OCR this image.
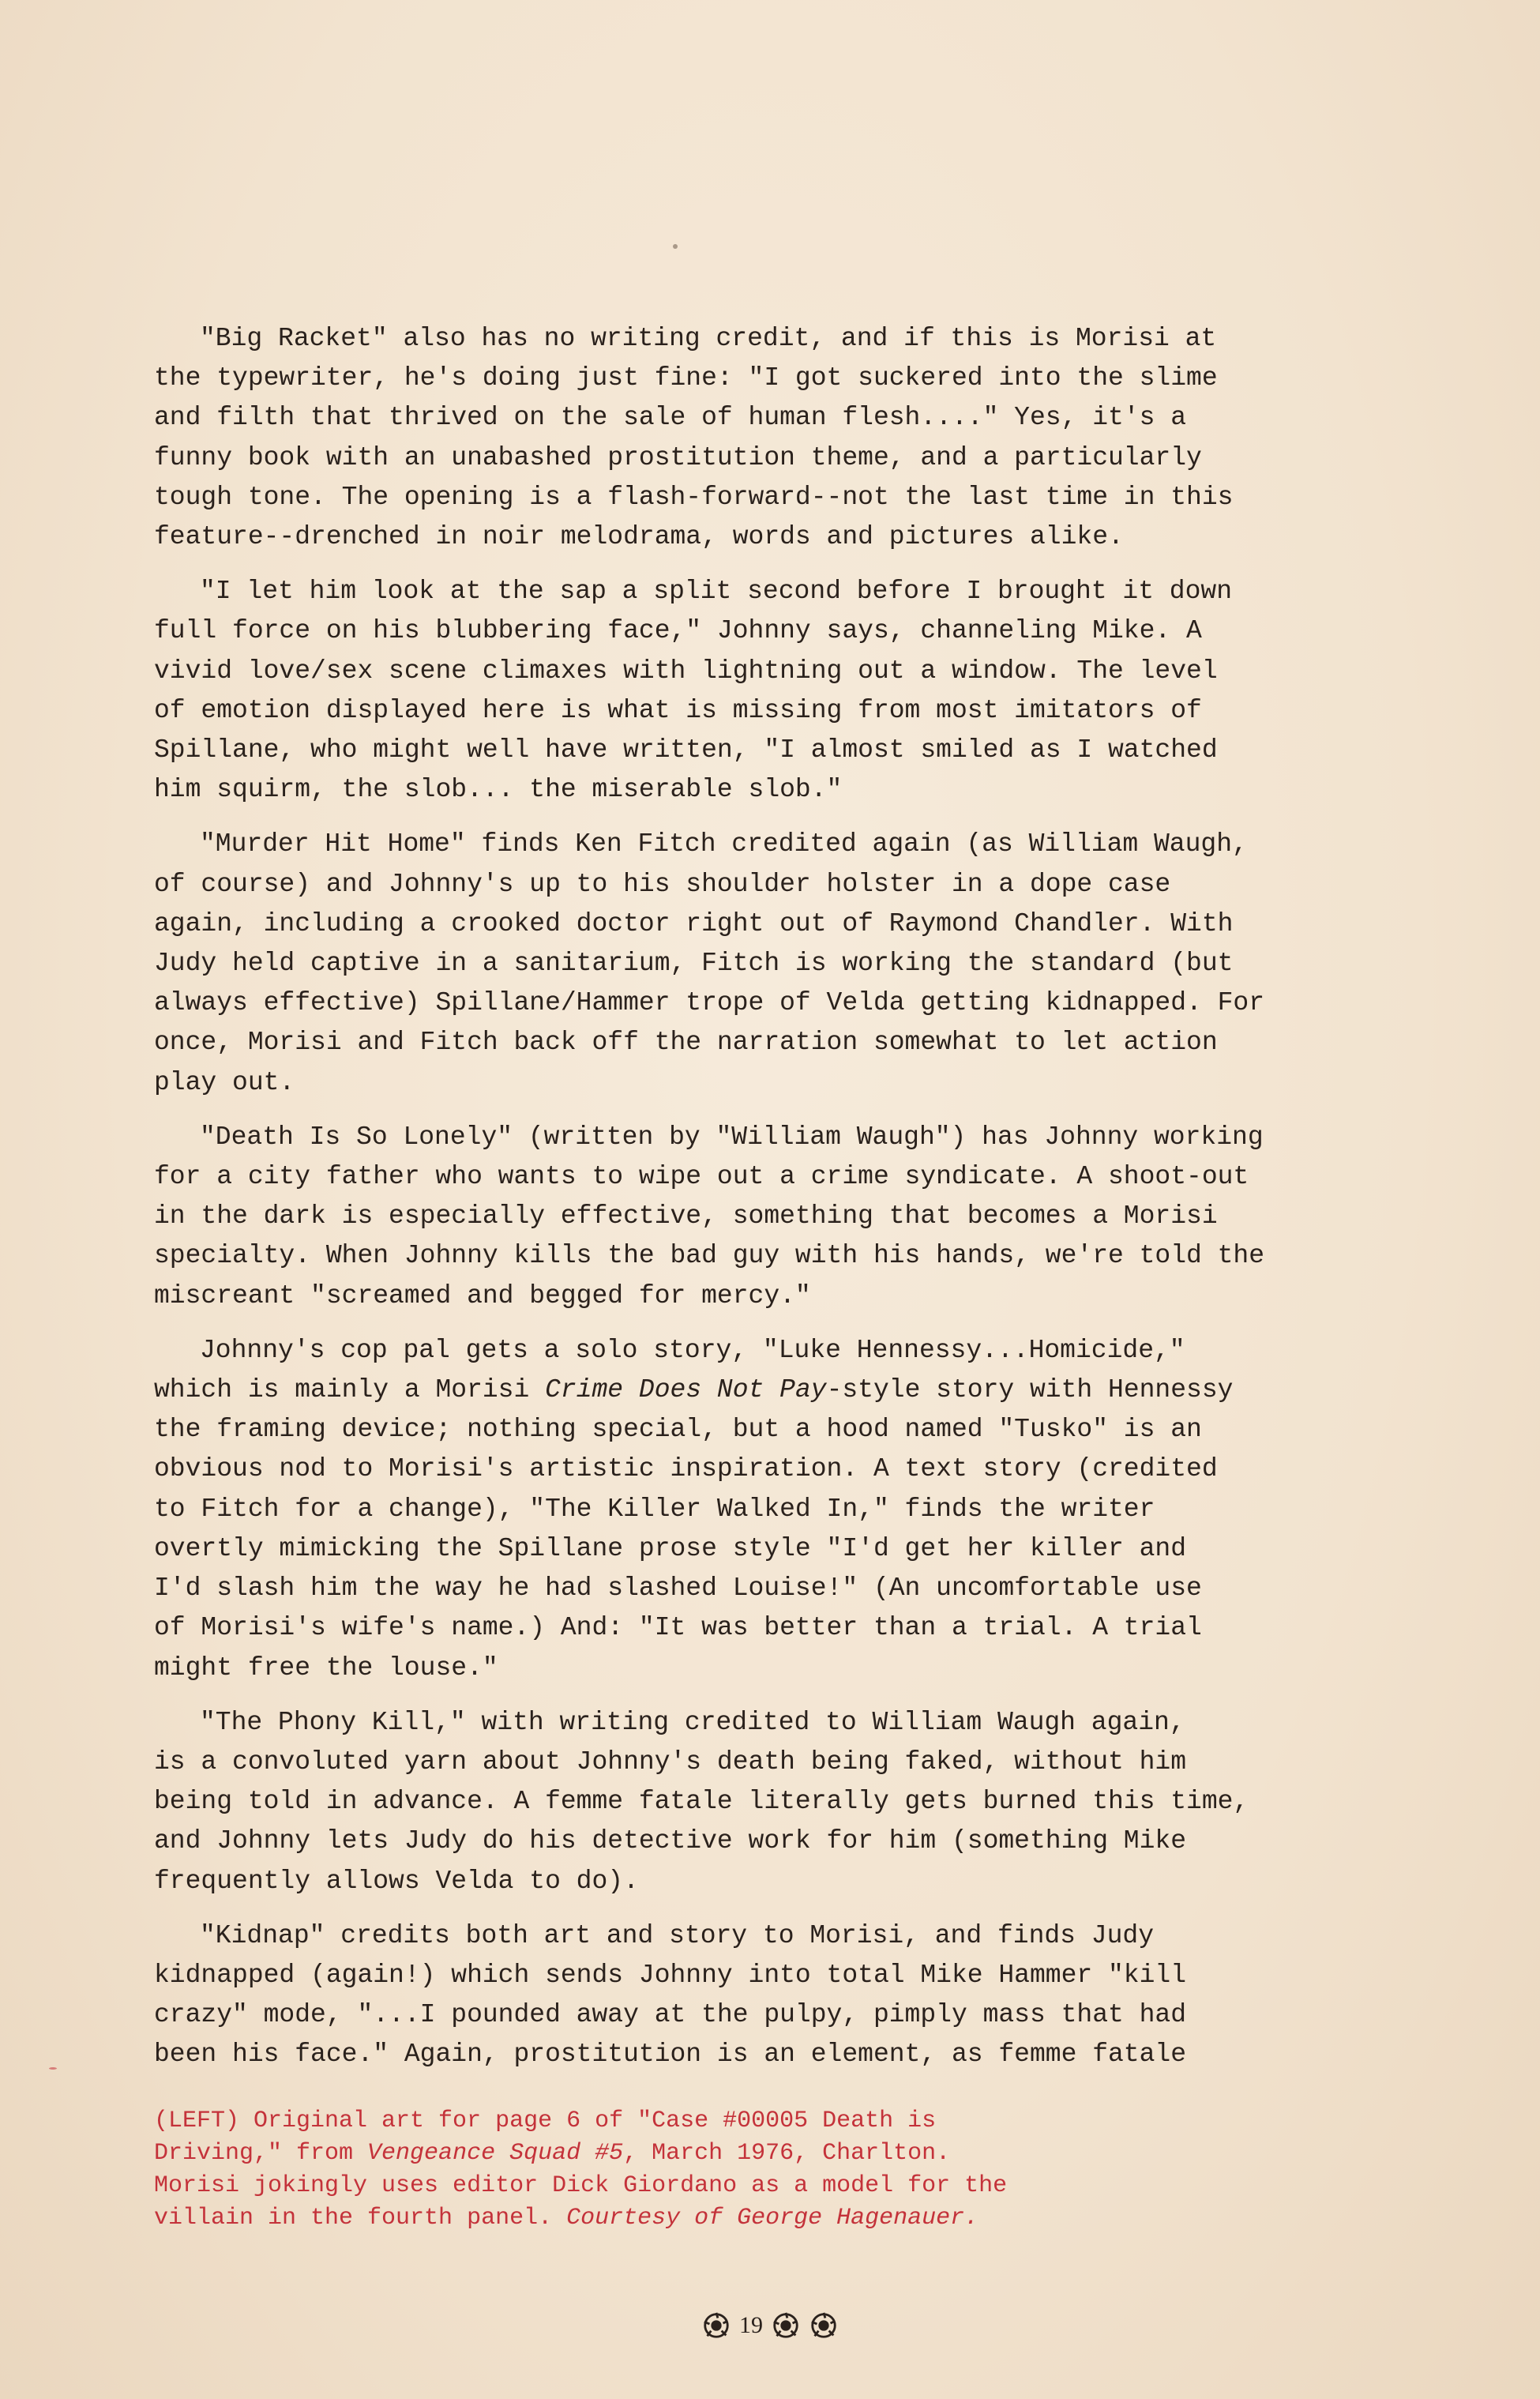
"Big Racket" also has no writing credit, and if this is Morisi at
the typewriter, he's doing just fine: "I got suckered into the slime
and filth that thrived on the sale of human flesh...." Yes, it's a
funny book with an unabashed prostitution theme, and a particularly
tough tone. The opening is a flash-forward--not the last time in this
feature--drenched in noir melodrama, words and pictures alike.

"I let him look at the sap a split second before I brought it down
full force on his blubbering face," Johnny says, channeling Mike. A
vivid love/sex scene climaxes with lightning out a window. The level
of emotion displayed here is what is missing from most imitators of
Spillane, who might well have written, "I almost smiled as I watched
him squirm, the slob... the miserable slob."

"Murder Hit Home" finds Ken Fitch credited again (as William Waugh,
of course) and Johnny's up to his shoulder holster in a dope case
again, including a crooked doctor right out of Raymond Chandler. With
Judy held captive in a sanitarium, Fitch is working the standard (but
always effective) Spillane/Hammer trope of Velda getting kidnapped. For
once, Morisi and Fitch back off the narration somewhat to let action
play out.

"Death Is So Lonely" (written by "William Waugh") has Johnny working
for a city father who wants to wipe out a crime syndicate. A shoot-out
in the dark is especially effective, something that becomes a Morisi
specialty. When Johnny kills the bad guy with his hands, we're told the
miscreant "screamed and begged for mercy."

Johnny's cop pal gets a solo story, "Luke Hennessy...Homicide,"
which is mainly a Morisi Crime Does Not Pay-style story with Hennessy
the framing device; nothing special, but a hood named "Tusko" is an
obvious nod to Morisi's artistic inspiration. A text story (credited
to Fitch for a change), "The Killer Walked In," finds the writer
overtly mimicking the Spillane prose style "I'd get her killer and
I'd slash him the way he had slashed Louise!" (An uncomfortable use
of Morisi's wife's name.) And: "It was better than a trial. A trial
might free the louse."

"The Phony Kill," with writing credited to William Waugh again,
is a convoluted yarn about Johnny's death being faked, without him
being told in advance. A femme fatale literally gets burned this time,
and Johnny lets Judy do his detective work for him (something Mike
frequently allows Velda to do).

"Kidnap" credits both art and story to Morisi, and finds Judy
kidnapped (again!) which sends Johnny into total Mike Hammer "kill
crazy" mode, "...I pounded away at the pulpy, pimply mass that had
been his face." Again, prostitution is an element, as femme fatale

(LEFT) Original art for page 6 of "Case #00005 Death is
Driving," from Vengeance Squad #5, March 1976, Charlton.
Morisi jokingly uses editor Dick Giordano as a model for the
villain in the fourth panel. Courtesy of George Hagenauer.
19
